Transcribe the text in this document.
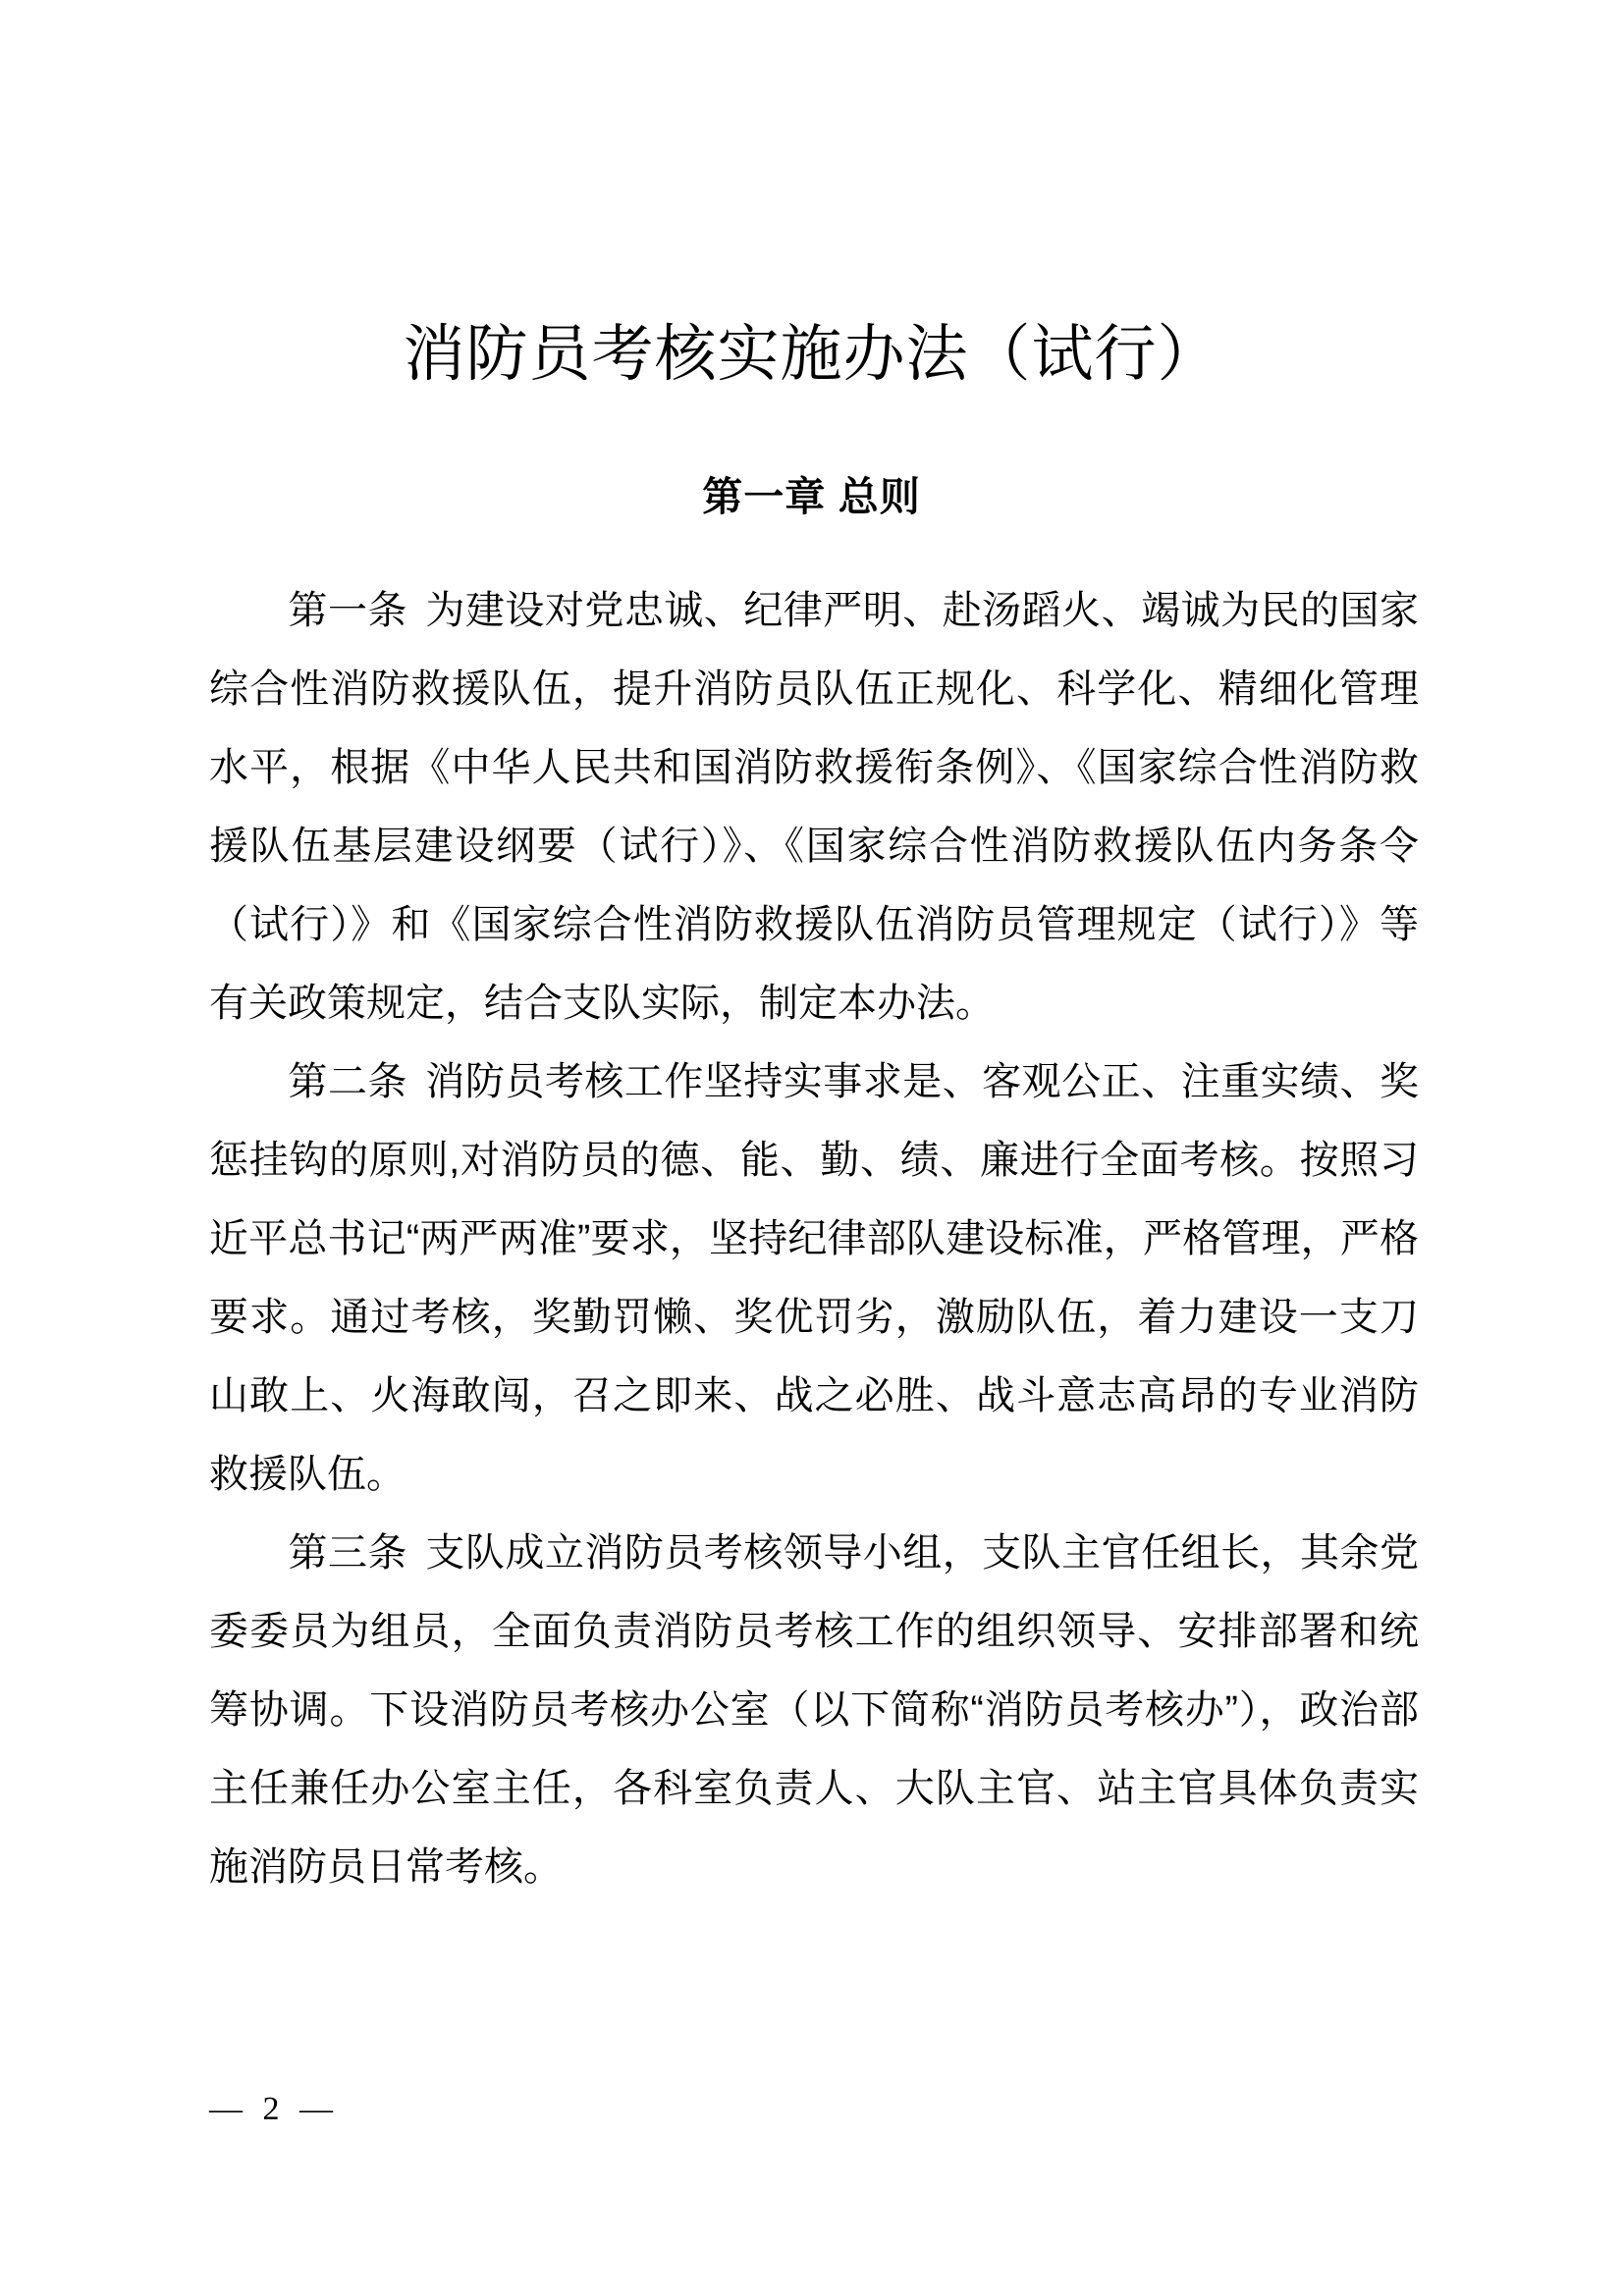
消防员考核实施办法（试行）
第一章 总则

第一条 为建设对党忠诚、纪律严明、赴汤蹈火、竭诚为民的国家综合性消防救援队伍，提升消防员队伍正规化、科学化、精细化管理水平，根据《中华人民共和国消防救援衔条例》、《国家综合性消防救援队伍基层建设纲要（试行）》、《国家综合性消防救援队伍内务条令（试行）》和《国家综合性消防救援队伍消防员管理规定（试行）》等有关政策规定，结合支队实际，制定本办法。

第二条 消防员考核工作坚持实事求是、客观公正、注重实绩、奖惩挂钩的原则,对消防员的德、能、勤、绩、廉进行全面考核。按照习近平总书记“两严两准”要求，坚持纪律部队建设标准，严格管理，严格要求。通过考核，奖勤罚懒、奖优罚劣，激励队伍，着力建设一支刀山敢上、火海敢闯，召之即来、战之必胜、战斗意志高昂的专业消防救援队伍。

第三条 支队成立消防员考核领导小组，支队主官任组长，其余党委委员为组员，全面负责消防员考核工作的组织领导、安排部署和统筹协调。下设消防员考核办公室（以下简称“消防员考核办”），政治部主任兼任办公室主任，各科室负责人、大队主官、站主官具体负责实施消防员日常考核。

— 2 —
